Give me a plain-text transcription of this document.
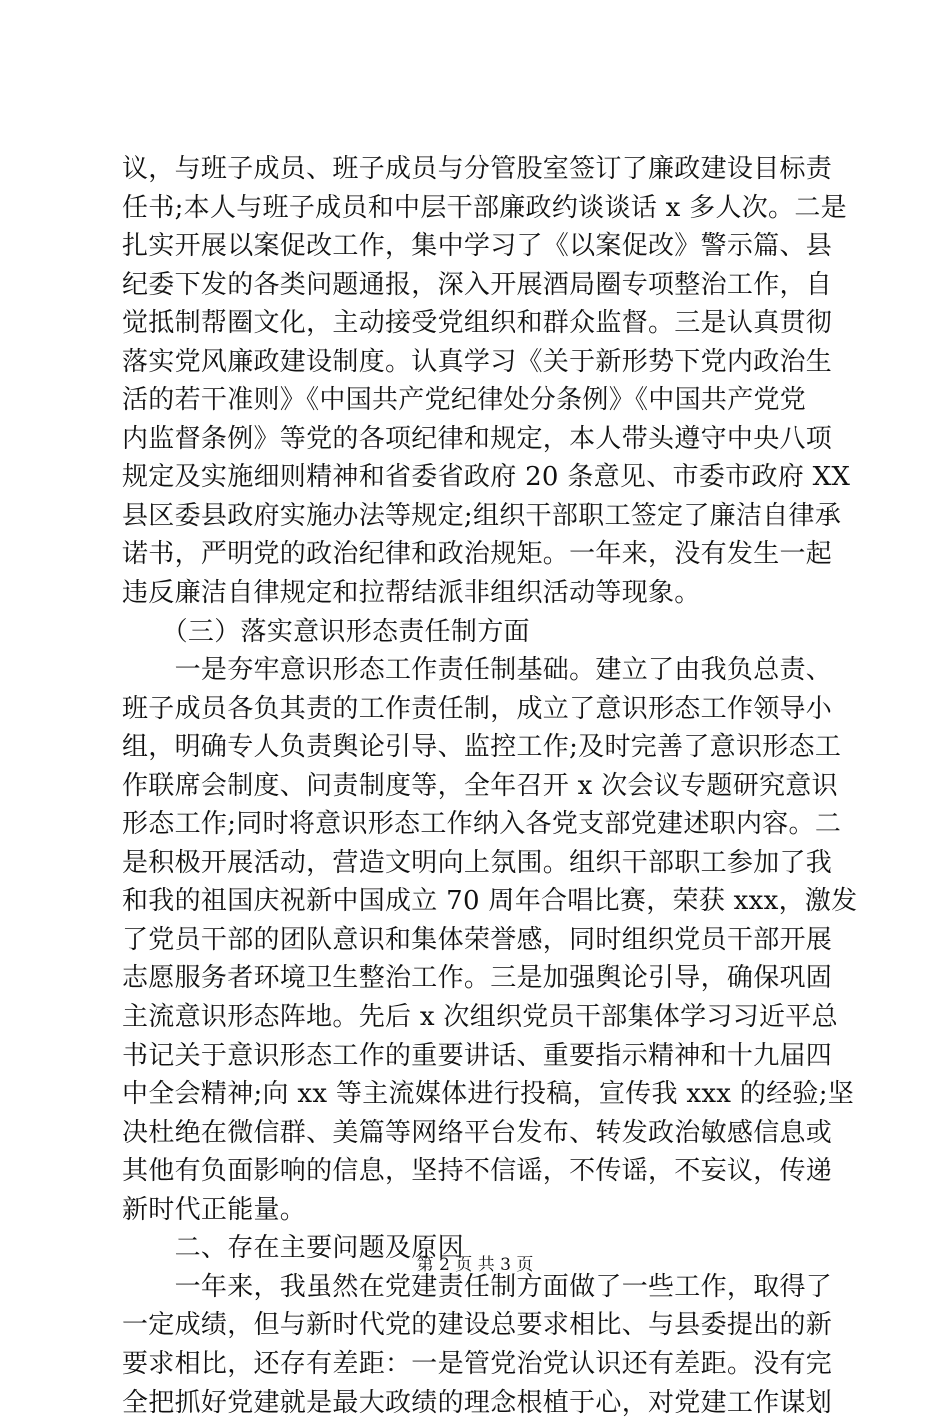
议，与班子成员、班子成员与分管股室签订了廉政建设目标责
任书;本人与班子成员和中层干部廉政约谈谈话 x 多人次。二是
扎实开展以案促改工作，集中学习了《以案促改》警示篇、县
纪委下发的各类问题通报，深入开展酒局圈专项整治工作，自
觉抵制帮圈文化，主动接受党组织和群众监督。三是认真贯彻
落实党风廉政建设制度。认真学习《关于新形势下党内政治生
活的若干准则》《中国共产党纪律处分条例》《中国共产党党
内监督条例》等党的各项纪律和规定，本人带头遵守中央八项
规定及实施细则精神和省委省政府 20 条意见、市委市政府 XX
县区委县政府实施办法等规定;组织干部职工签定了廉洁自律承
诺书，严明党的政治纪律和政治规矩。一年来，没有发生一起
违反廉洁自律规定和拉帮结派非组织活动等现象。
　　（三）落实意识形态责任制方面
　　一是夯牢意识形态工作责任制基础。建立了由我负总责、
班子成员各负其责的工作责任制，成立了意识形态工作领导小
组，明确专人负责舆论引导、监控工作;及时完善了意识形态工
作联席会制度、问责制度等，全年召开 x 次会议专题研究意识
形态工作;同时将意识形态工作纳入各党支部党建述职内容。二
是积极开展活动，营造文明向上氛围。组织干部职工参加了我
和我的祖国庆祝新中国成立 70 周年合唱比赛，荣获 xxx，激发
了党员干部的团队意识和集体荣誉感，同时组织党员干部开展
志愿服务者环境卫生整治工作。三是加强舆论引导，确保巩固
主流意识形态阵地。先后 x 次组织党员干部集体学习习近平总
书记关于意识形态工作的重要讲话、重要指示精神和十九届四
中全会精神;向 xx 等主流媒体进行投稿，宣传我 xxx 的经验;坚
决杜绝在微信群、美篇等网络平台发布、转发政治敏感信息或
其他有负面影响的信息，坚持不信谣，不传谣，不妄议，传递
新时代正能量。
　　二、存在主要问题及原因
　　一年来，我虽然在党建责任制方面做了一些工作，取得了
一定成绩，但与新时代党的建设总要求相比、与县委提出的新
要求相比，还存有差距：一是管党治党认识还有差距。没有完
全把抓好党建就是最大政绩的理念根植于心，对党建工作谋划
第 2 页 共 3 页
